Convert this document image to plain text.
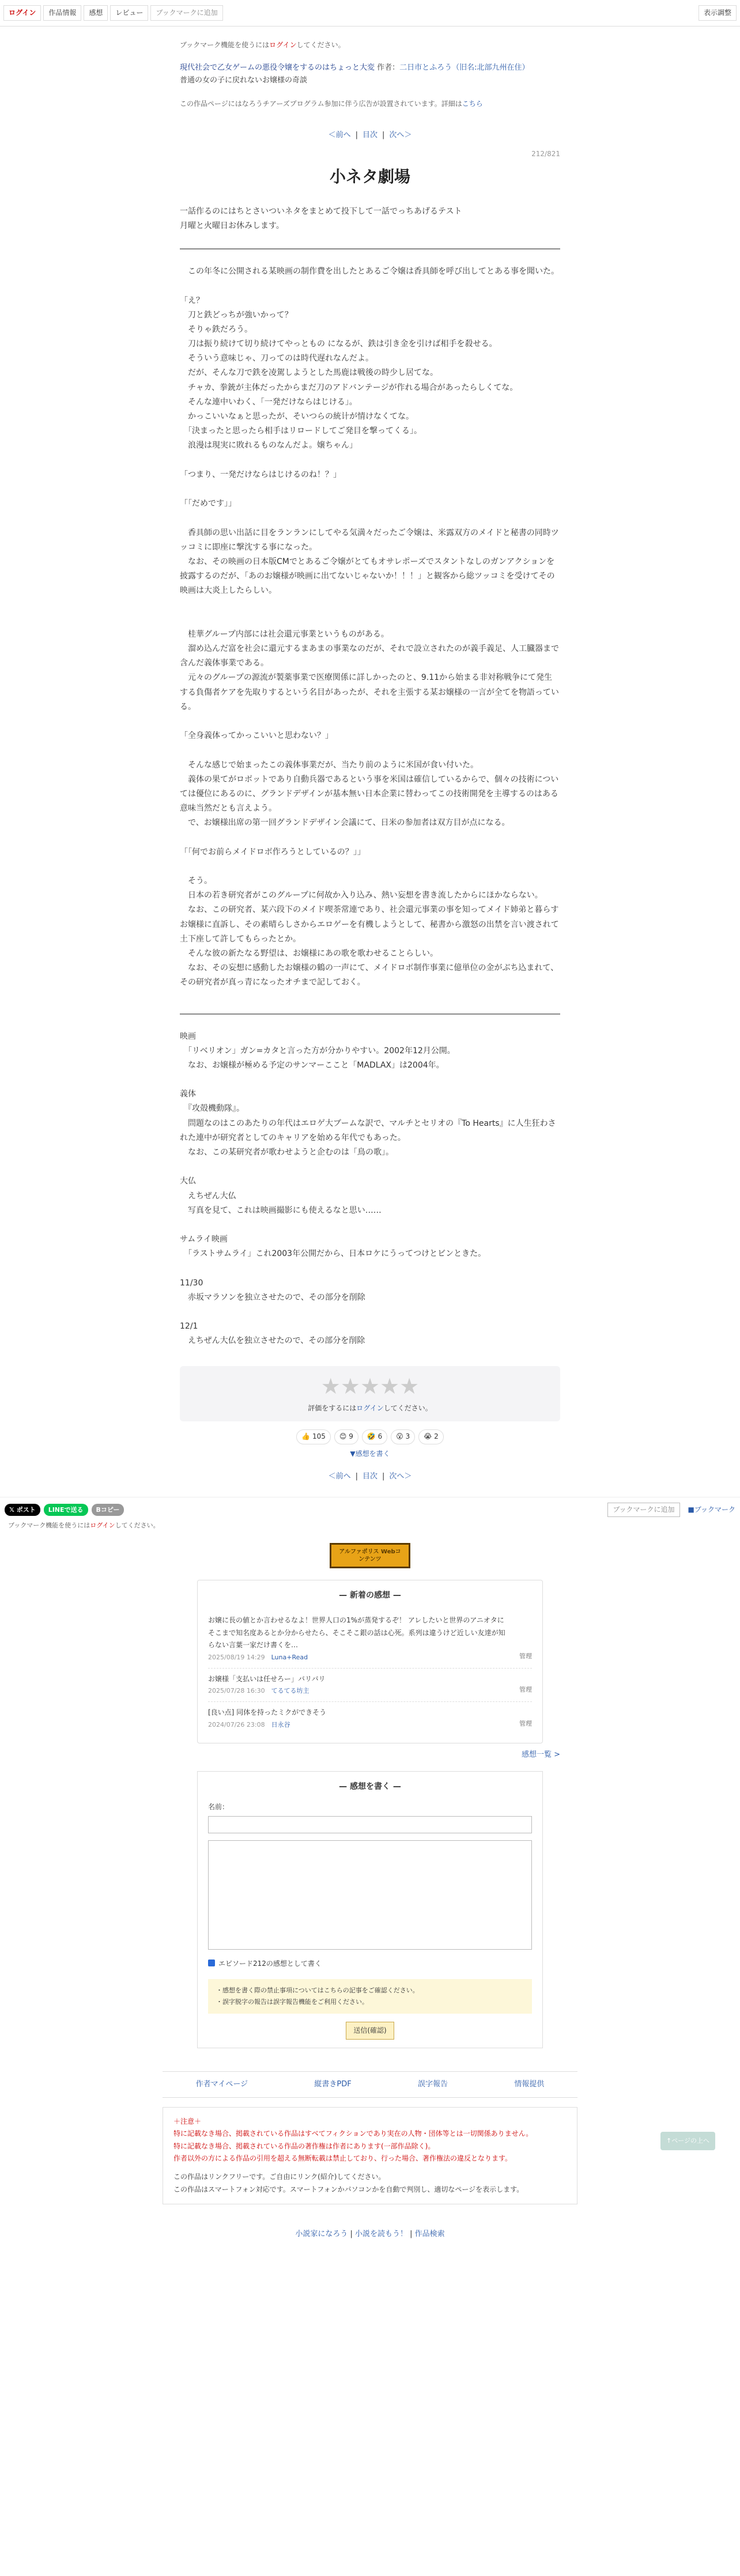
ログイン	作品情報	感想	レビュー	ブックマークに追加	表示調整
ブックマーク機能を使うにはログインしてください。
現代社会で乙女ゲームの悪役令嬢をするのはちょっと大変 作者：二日市とふろう（旧名:北部九州在住）
普通の女の子に戻れないお嬢様の奇談
この作品ページにはなろうチアーズプログラム参加に伴う広告が設置されています。詳細はこちら
＜前へ | 目次 | 次へ＞
212/821
小ネタ劇場

一話作るのにはちとさいついネタをまとめて投下して一話でっちあげるテスト
月曜と火曜日お休みします。

　この年冬に公開される某映画の制作費を出したとあるご令嬢は香具師を呼び出してとある事を聞いた。

「え？
　刀と鉄どっちが強いかって？
　そりゃ鉄だろう。
　刀は振り続けて切り続けてやっともの になるが、鉄は引き金を引けば相手を殺せる。
　そういう意味じゃ、刀ってのは時代遅れなんだよ。
　だが、そんな刀で鉄を凌駕しようとした馬鹿は戦後の時少し居てな。
　チャカ、拳銃が主体だったからまだ刀のアドバンテージが作れる場合があったらしくてな。
　そんな連中いわく、「一発だけならはじける」。
　かっこいいなぁと思ったが、そいつらの統计が情けなくてな。
　「決まったと思ったら相手はリロードしてご発目を撃ってくる」。
　浪漫は現実に敗れるものなんだよ。嬢ちゃん」

「つまり、一発だけならはじけるのね！？」

「「だめです」」

　香具師の思い出話に目をランランにしてやる気満々だったご令嬢は、米露双方のメイドと秘書の同時ツッコミに即座に撃沈する事になった。
　なお、その映画の日本版CMでとあるご令嬢がとてもオサレポーズでスタントなしのガンアクションを披露するのだが、「あのお嬢様が映画に出てないじゃないか！！！」と観客から総ツッコミを受けてその映画は大炎上したらしい。

　桂華グループ内部には社会還元事業というものがある。
　溜め込んだ富を社会に還元するまあまの事業なのだが、それで設立されたのが義手義足、人工臓器まで含んだ義体事業である。
　元々のグループの源流が製薬事業で医療関係に詳しかったのと、9.11から始まる非対称戦争にて発生する負傷者ケアを先取りするという名目があったが、それを主張する某お嬢様の一言が全てを物語っている。

「全身義体ってかっこいいと思わない？」

　そんな感じで始まったこの義体事業だが、当たり前のように米国が食い付いた。
　義体の果てがロボットであり自動兵器であるという事を米国は確信しているからで、個々の技術については優位にあるのに、グランドデザインが基本無い日本企業に替わってこの技術開発を主導するのはある意味当然だとも言えよう。
　で、お嬢様出席の第一回グランドデザイン会議にて、日米の参加者は双方目が点になる。

「「何でお前らメイドロボ作ろうとしているの？」」

　そう。
　日本の若き研究者がこのグループに何故か入り込み、熱い妄想を書き流したからにほかならない。
　なお、この研究者、某六段下のメイド喫茶常連であり、社会還元事業の事を知ってメイド姉弟と暮らすお嬢様に直訴し、その素晴らしさからエロゲーを有機しようとして、秘書から激怒の出禁を言い渡されて土下座して許してもらったとか。
　そんな彼の新たなる野望は、お嬢様にあの歌を歌わせることらしい。
　なお、その妄想に感動したお嬢様の鶴の一声にて、メイドロボ制作事業に億単位の金がぶち込まれて、その研究者が真っ青になったオチまで記しておく。

映画
　「リベリオン」ガン=カタと言った方が分かりやすい。2002年12月公開。
　なお、お嬢様が極める予定のサンマーここと「MADLAX」は2004年。

義体
　『攻殻機動隊』。
　問題なのはこのあたりの年代はエロゲ大ブームな訳で、マルチとセリオの『To Hearts』に人生狂わされた連中が研究者としてのキャリアを始める年代でもあった。
　なお、この某研究者が歌わせようと企むのは「鳥の歌」。

大仏
　えちぜん大仏
　写真を見て、これは映画撮影にも使えるなと思い……

サムライ映画
　「ラストサムライ」これ2003年公開だから、日本ロケにうってつけとビンときた。

11/30
　赤坂マラソンを独立させたので、その部分を削除

12/1
　えちぜん大仏を独立させたので、その部分を削除

★★★★★
評価をするにはログインしてください。
👍 105	😊 9	🤣 6	😮 3	😭 2
▼感想を書く
＜前へ | 目次 | 次へ＞
𝕏 ポスト	LINEで送る	Bコピー	ブックマークに追加	■ブックマーク
ブックマーク機能を使うにはログインしてください。
アルファポリス Webコンテンツ
— 新着の感想 —
お嬢に長の値とか言わせるなよ！世界人口の1%が蒸発するぞ！ アレしたいと世界のアニオタにそこまで知名度あるとか分からせたら、そこそこ銀の話は心死。系列は違うけど近しい友達が知らない言葉一家だけ書くを…
2025/08/19 14:29　 Luna+Read	管理
お嬢様「支払いは任せろー」バリバリ
2025/07/28 16:30　 てるてる坊主	管理
[良い点] 同体を持ったミクができそう
2024/07/26 23:08　 日永谷	管理
感想一覧 >
— 感想を書く —
名前：
エピソード212の感想として書く
・感想を書く際の禁止事項についてはこちらの記事をご確認ください。
・誤字脱字の報告は誤字報告機能をご利用ください。
送信(確認)
↑ページの上へ
作者マイページ	縦書きPDF	誤字報告	情報提供
＋注意＋
特に記載なき場合、掲載されている作品はすべてフィクションであり実在の人物・団体等とは一切関係ありません。
特に記載なき場合、掲載されている作品の著作権は作者にあります(一部作品除く)。
作者以外の方による作品の引用を超える無断転載は禁止しており、行った場合、著作権法の違反となります。
この作品はリンクフリーです。ご自由にリンク(紹介)してください。
この作品はスマートフォン対応です。スマートフォンかパソコンかを自動で判別し、適切なページを表示します。
小説家になろう | 小説を読もう！ | 作品検索
